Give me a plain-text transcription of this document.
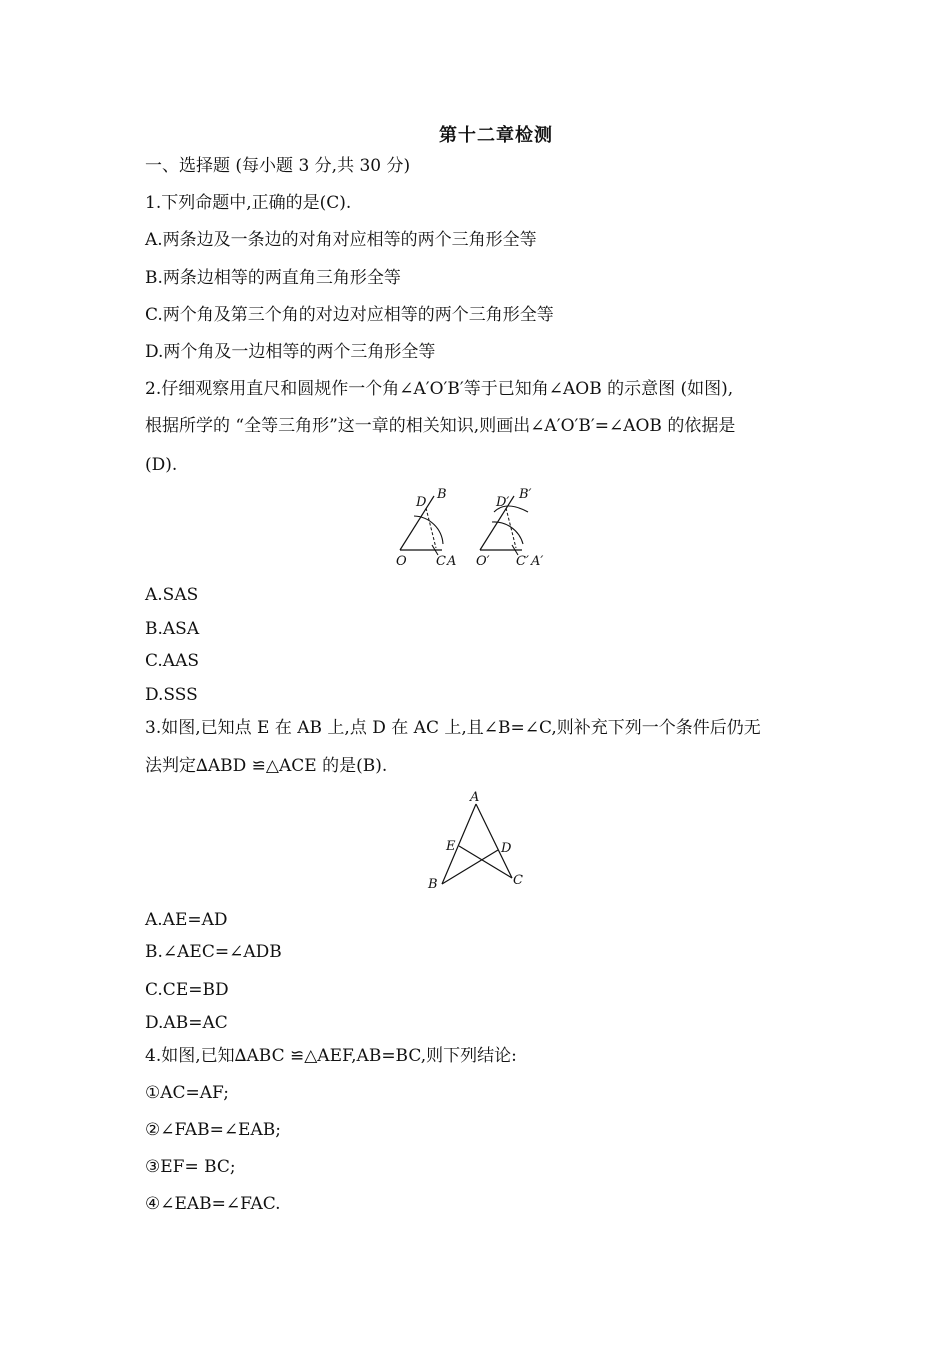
第十二章检测
一、选择题 (每小题 3 分,共 30 分)
1.下列命题中,正确的是(C).
A.两条边及一条边的对角对应相等的两个三角形全等
B.两条边相等的两直角三角形全等
C.两个角及第三个角的对边对应相等的两个三角形全等
D.两个角及一边相等的两个三角形全等
2.仔细观察用直尺和圆规作一个角∠A′O′B′等于已知角∠AOB 的示意图 (如图),
根据所学的 “全等三角形”这一章的相关知识,则画出∠A′O′B′=∠AOB 的依据是
(D).
O C A
D
B
O′ C′ A′
D′
B′
A.SAS
B.ASA
C.AAS
D.SSS
3.如图,已知点 E 在 AB 上,点 D 在 AC 上,且∠B=∠C,则补充下列一个条件后仍无
法判定∆ABD ≌△ACE 的是(B).
A
E	D
B	C
A.AE=AD
B.∠AEC=∠ADB
C.CE=BD
D.AB=AC
4.如图,已知∆ABC ≌△AEF,AB=BC,则下列结论:
①AC=AF;
②∠FAB=∠EAB;
③EF= BC;
④∠EAB=∠FAC.
